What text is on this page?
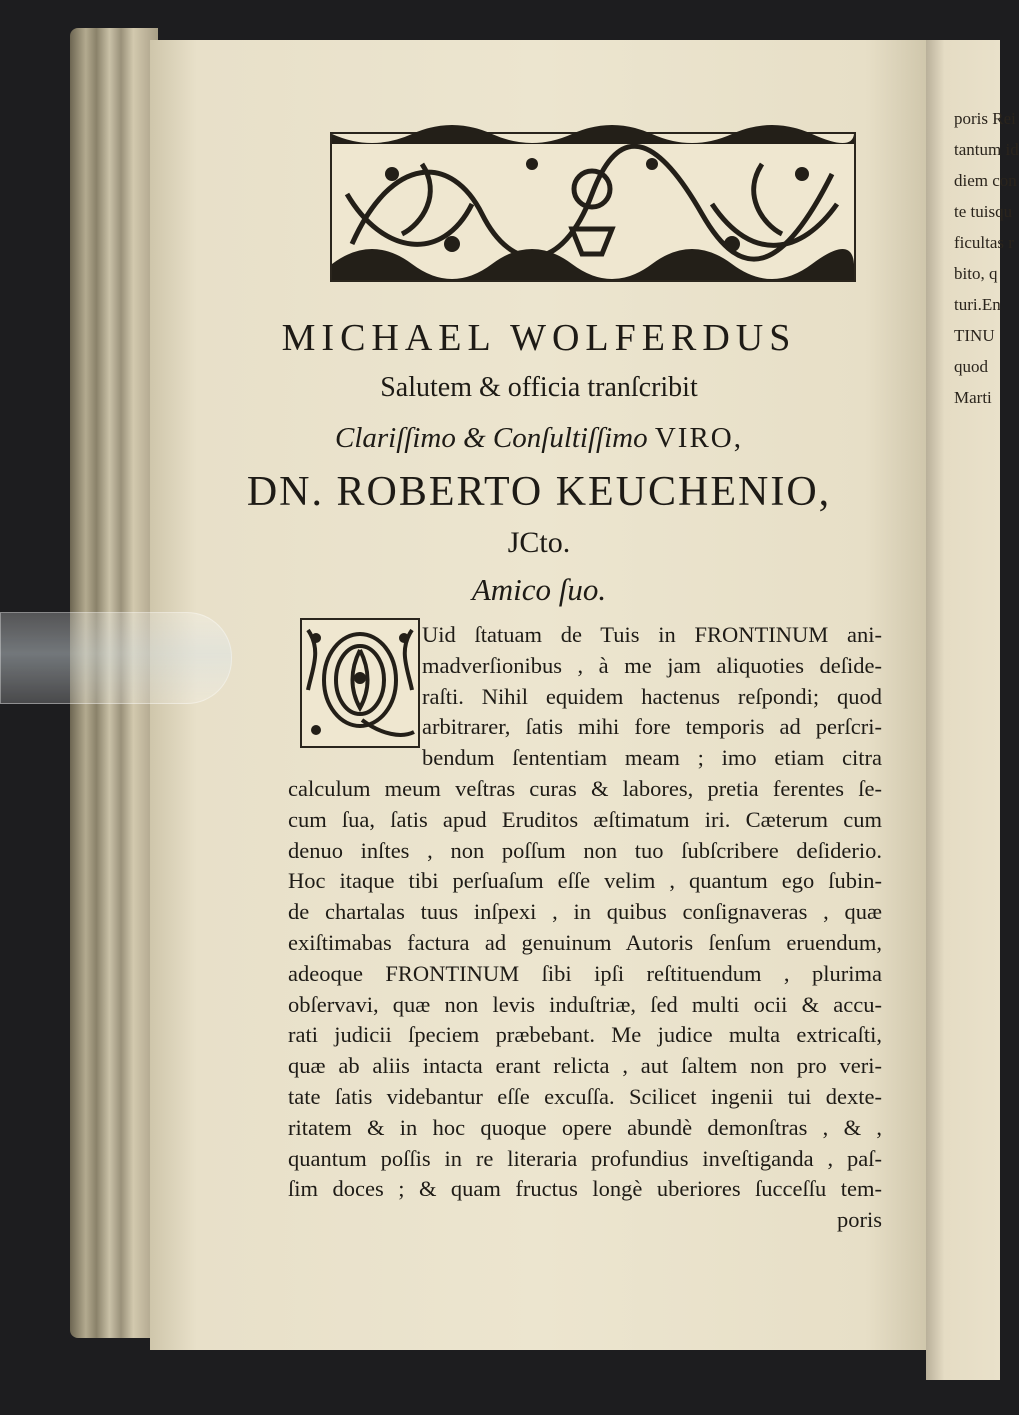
MICHAEL WOLFERDUS
Salutem & officia tranſcribit
Clariſſimo & Conſultiſſimo VIRO,
DN. ROBERTO KEUCHENIO,
JCto.
Amico ſuo.
Uid ſtatuam de Tuis in FRONTINUM ani-
madverſionibus , à me jam aliquoties deſide-
raſti. Nihil equidem hactenus reſpondi; quod
arbitrarer, ſatis mihi fore temporis ad perſcri-
bendum ſententiam meam ; imo etiam citra
calculum meum veſtras curas & labores, pretia ferentes ſe-
cum ſua, ſatis apud Eruditos æſtimatum iri. Cæterum cum
denuo inſtes , non poſſum non tuo ſubſcribere deſiderio.
Hoc itaque tibi perſuaſum eſſe velim , quantum ego ſubin-
de chartalas tuus inſpexi , in quibus conſignaveras , quæ
exiſtimabas factura ad genuinum Autoris ſenſum eruendum,
adeoque FRONTINUM ſibi ipſi reſtituendum , plurima
obſervavi, quæ non levis induſtriæ, ſed multi ocii & accu-
rati judicii ſpeciem præbebant. Me judice multa extricaſti,
quæ ab aliis intacta erant relicta , aut ſaltem non pro veri-
tate ſatis videbantur eſſe excuſſa. Scilicet ingenii tui dexte-
ritatem & in hoc quoque opere abundè demonſtras , & ,
quantum poſſis in re literaria profundius inveſtiganda , paſ-
ſim doces ; & quam fructus longè uberiores ſucceſſu tem-
poris
poris Rei
tantum id
diem con
te tuisqu
ficultas r
bito, q
turi.En
TINU
quod
Marti
